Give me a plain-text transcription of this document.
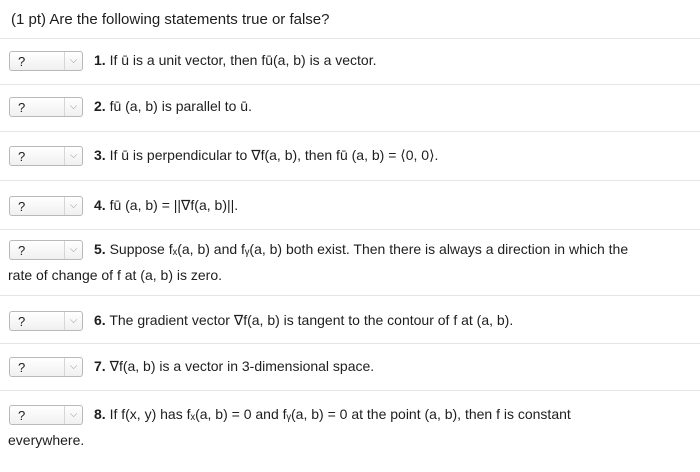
(1 pt) Are the following statements true or false?
?	⌵	1. If ū is a unit vector, then fū(a, b) is a vector.
?	⌵	2. fū (a, b) is parallel to ū.
?	⌵	3. If ū is perpendicular to ∇f(a, b), then fū (a, b) = ⟨0, 0⟩.
?	⌵	4. fū (a, b) = ||∇f(a, b)||.
?	⌵	5. Suppose fₓ(a, b) and fᵧ(a, b) both exist. Then there is always a direction in which the
rate of change of f at (a, b) is zero.
?	⌵	6. The gradient vector ∇f(a, b) is tangent to the contour of f at (a, b).
?	⌵	7. ∇f(a, b) is a vector in 3-dimensional space.
?	⌵	8. If f(x, y) has fₓ(a, b) = 0 and fᵧ(a, b) = 0 at the point (a, b), then f is constant
everywhere.
